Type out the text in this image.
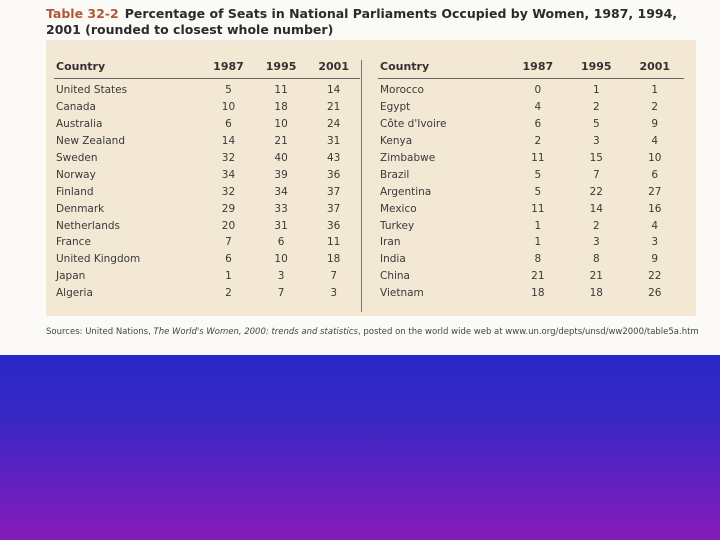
Table 32-2 Percentage of Seats in National Parliaments Occupied by Women, 1987, 1994, 2001 (rounded to closest whole number)
Country	1987	1995	2001
United States	5	11	14
Canada	10	18	21
Australia	6	10	24
New Zealand	14	21	31
Sweden	32	40	43
Norway	34	39	36
Finland	32	34	37
Denmark	29	33	37
Netherlands	20	31	36
France	7	6	11
United Kingdom	6	10	18
Japan	1	3	7
Algeria	2	7	3
Country	1987	1995	2001
Morocco	0	1	1
Egypt	4	2	2
Côte d'Ivoire	6	5	9
Kenya	2	3	4
Zimbabwe	11	15	10
Brazil	5	7	6
Argentina	5	22	27
Mexico	11	14	16
Turkey	1	2	4
Iran	1	3	3
India	8	8	9
China	21	21	22
Vietnam	18	18	26
Sources: United Nations, The World's Women, 2000: trends and statistics, posted on the world wide web at www.un.org/depts/unsd/ww2000/table5a.htm
